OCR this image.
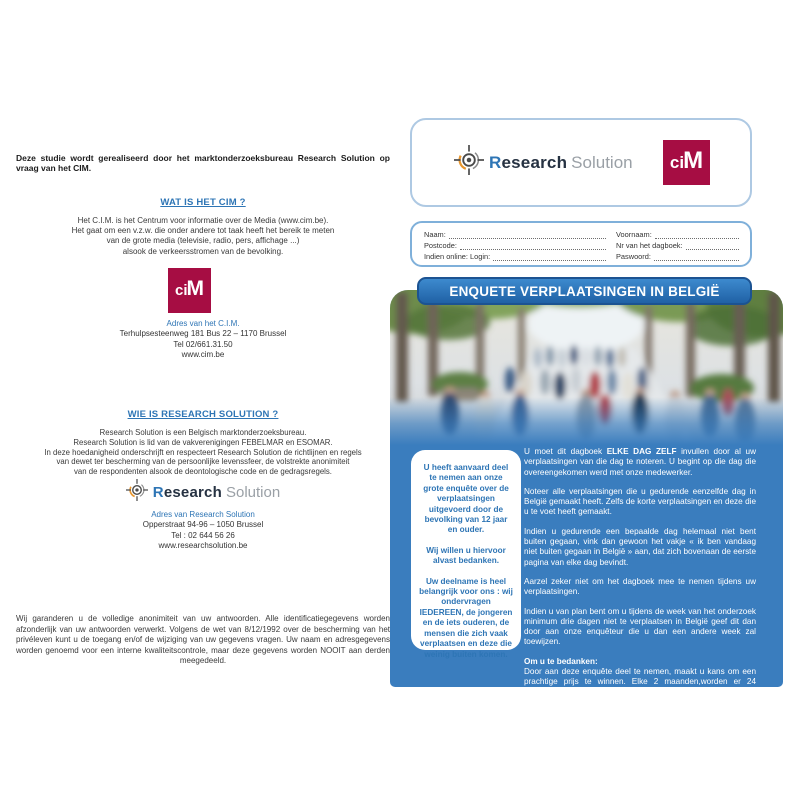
Deze studie wordt gerealiseerd door het marktonderzoeksbureau Research Solution op vraag van het CIM.
WAT IS HET CIM ?
Het C.I.M. is het Centrum voor informatie over de Media (www.cim.be).
Het gaat om een v.z.w. die onder andere tot taak heeft het bereik te meten
van de grote media (televisie, radio, pers, affichage ...)
alsook de verkeersstromen van de bevolking.
ci M
Adres van het C.I.M.
Terhulpsesteenweg 181 Bus 22 – 1170 Brussel
Tel 02/661.31.50
www.cim.be
WIE IS RESEARCH SOLUTION ?
Research Solution is een Belgisch marktonderzoeksbureau.
Research Solution is lid van de vakverenigingen FEBELMAR en ESOMAR.
In deze hoedanigheid onderschrijft en respecteert Research Solution de richtlijnen en regels
van dewet ter bescherming van de persoonlijke levenssfeer, de volstrekte anonimiteit
van de respondenten alsook de deontologische code en de gedragsregels.
Research Solution
Adres van Research Solution
Opperstraat 94-96 – 1050 Brussel
Tel : 02 644 56 26
www.researchsolution.be
Wij garanderen u de volledige anonimiteit van uw antwoorden. Alle identificatiegegevens worden afzonderlijk van uw antwoorden verwerkt. Volgens de wet van 8/12/1992 over de bescherming van het privéleven kunt u de toegang en/of de wijziging van uw gegevens vragen. Uw naam en adresgegevens worden genoemd voor een interne kwaliteitscontrole, maar deze gegevens worden NOOIT aan derden meegedeeld.
Research Solution ci M
Naam:
Postcode:
Indien online: Login:
Voornaam:
Nr van het dagboek:
Paswoord:
ENQUETE VERPLAATSINGEN IN BELGIË

U heeft aanvaard deel te nemen aan onze grote enquête over de verplaatsingen uitgevoerd door de bevolking van 12 jaar en ouder.

Wij willen u hiervoor alvast bedanken.

Uw deelname is heel belangrijk voor ons : wij ondervragen IEDEREEN, de jongeren en de iets ouderen, de mensen die zich vaak verplaatsen en deze die weinig buiten komen.

U moet dit dagboek ELKE DAG ZELF invullen door al uw verplaatsingen van die dag te noteren. U begint op die dag die overeengekomen werd met onze medewerker.

Noteer alle verplaatsingen die u gedurende eenzelfde dag in België gemaakt heeft. Zelfs de korte verplaatsingen en deze die u te voet heeft gemaakt.

Indien u gedurende een bepaalde dag helemaal niet bent buiten gegaan, vink dan gewoon het vakje « ik ben vandaag niet buiten gegaan in België » aan, dat zich bovenaan de eerste pagina van elke dag bevindt.

Aarzel zeker niet om het dagboek mee te nemen tijdens uw verplaatsingen.

Indien u van plan bent om u tijdens de week van het onderzoek minimum drie dagen niet te verplaatsen in België geef dit dan door aan onze enquêteur die u dan een andere week zal toewijzen.

Om u te bedanken:

Door aan deze enquête deel te nemen, maakt u kans om een prachtige prijs te winnen. Elke 2 maanden,worden er 24 winnaars bij trekking bepaald. Zij krijgen een cadeaubon die varieert tussen 20 € en 250 €.
